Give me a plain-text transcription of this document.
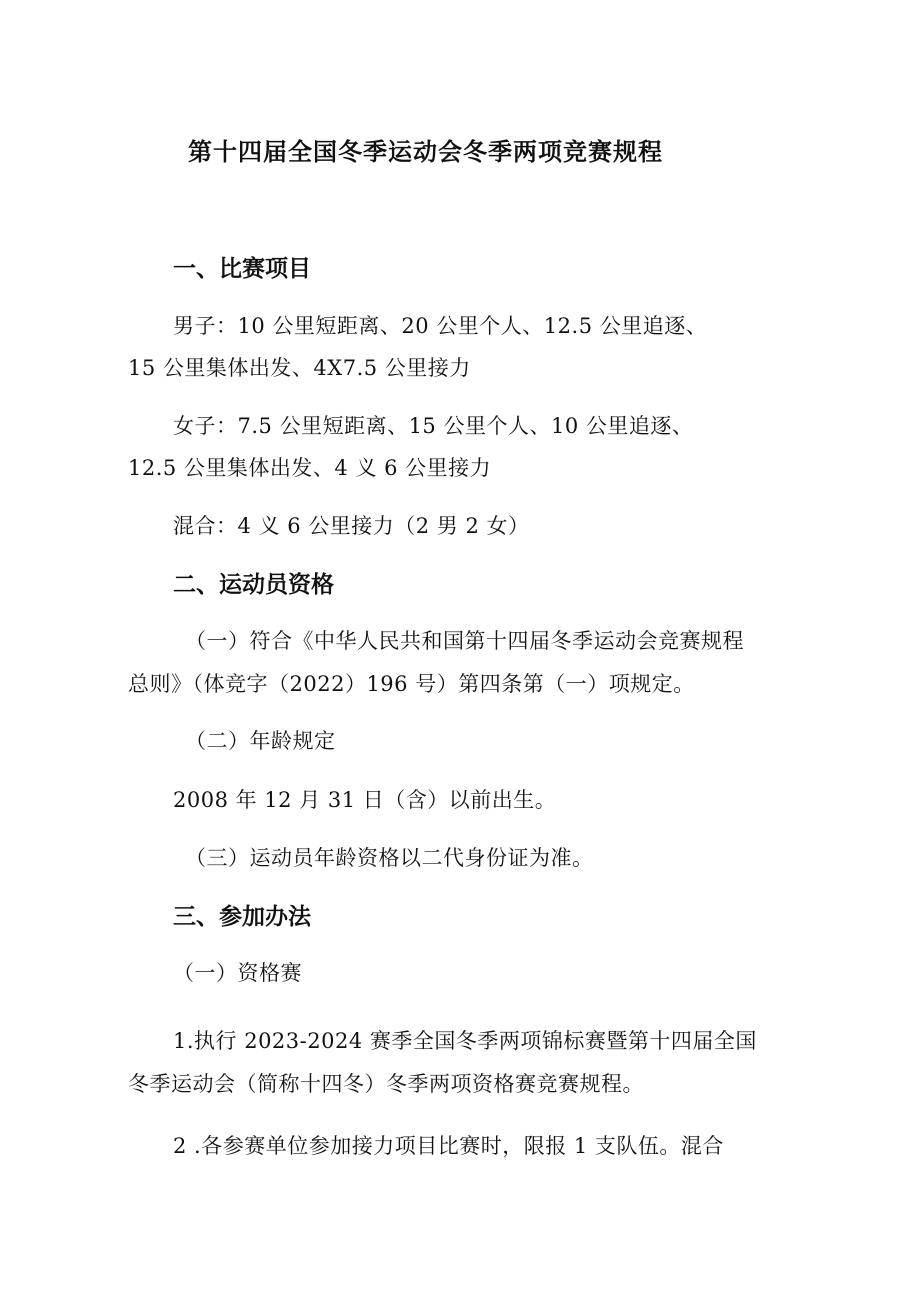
第十四届全国冬季运动会冬季两项竞赛规程
一、比赛项目
男子：10 公里短距离、20 公里个人、12.5 公里追逐、
15 公里集体出发、4X7.5 公里接力
女子：7.5 公里短距离、15 公里个人、10 公里追逐、
12.5 公里集体出发、4 义 6 公里接力
混合：4 义 6 公里接力（2 男 2 女）
二、运动员资格
（一）符合《中华人民共和国第十四届冬季运动会竞赛规程
总则》（体竞字（2022）196 号）第四条第（一）项规定。
（二）年龄规定
2008 年 12 月 31 日（含）以前出生。
（三）运动员年龄资格以二代身份证为准。
三、参加办法
（一）资格赛
1.执行 2023-2024 赛季全国冬季两项锦标赛暨第十四届全国
冬季运动会（简称十四冬）冬季两项资格赛竞赛规程。
2 .各参赛单位参加接力项目比赛时，限报 1 支队伍。混合
